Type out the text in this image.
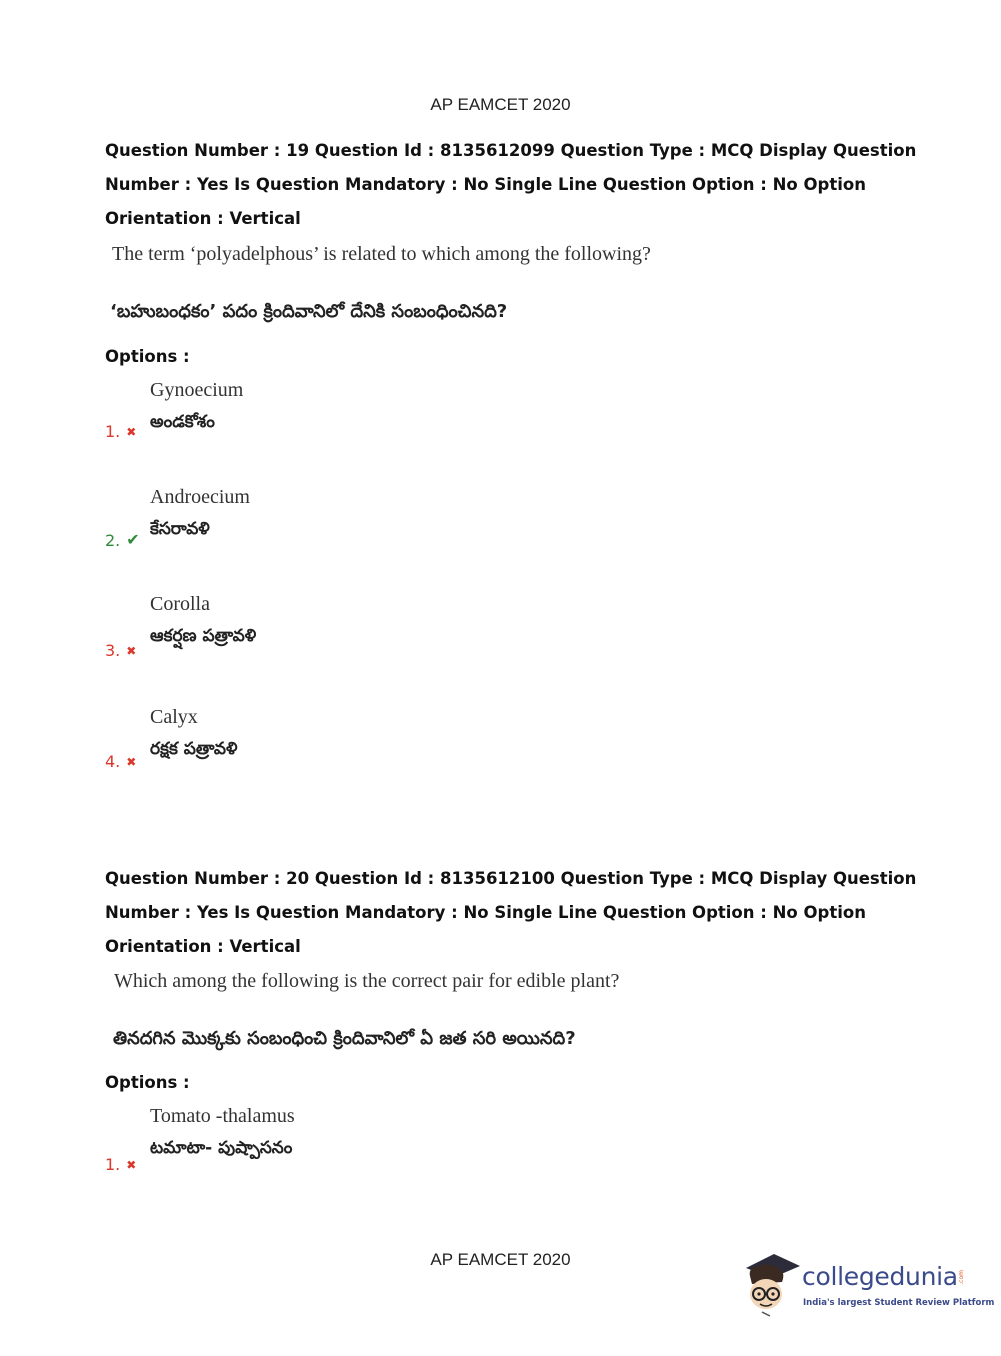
AP EAMCET 2020
Question Number : 19 Question Id : 8135612099 Question Type : MCQ Display Question
Number : Yes Is Question Mandatory : No Single Line Question Option : No Option
Orientation : Vertical
The term ‘polyadelphous’ is related to which among the following?
‘బహుబంధకం’ పదం క్రిందివానిలో దేనికి సంబంధించినది?
Options :
Gynoecium
అండకోశం
1. ✖
Androecium
కేసరావళి
2. ✔
Corolla
ఆకర్షణ పత్రావళి
3. ✖
Calyx
రక్షక పత్రావళి
4. ✖
Question Number : 20 Question Id : 8135612100 Question Type : MCQ Display Question
Number : Yes Is Question Mandatory : No Single Line Question Option : No Option
Orientation : Vertical
Which among the following is the correct pair for edible plant?
తినదగిన మొక్కకు సంబంధించి క్రిందివానిలో ఏ జత సరి అయినది?
Options :
Tomato -thalamus
టమాటా- పుష్పాసనం
1. ✖
AP EAMCET 2020
collegedunia .com
India's largest Student Review Platform
